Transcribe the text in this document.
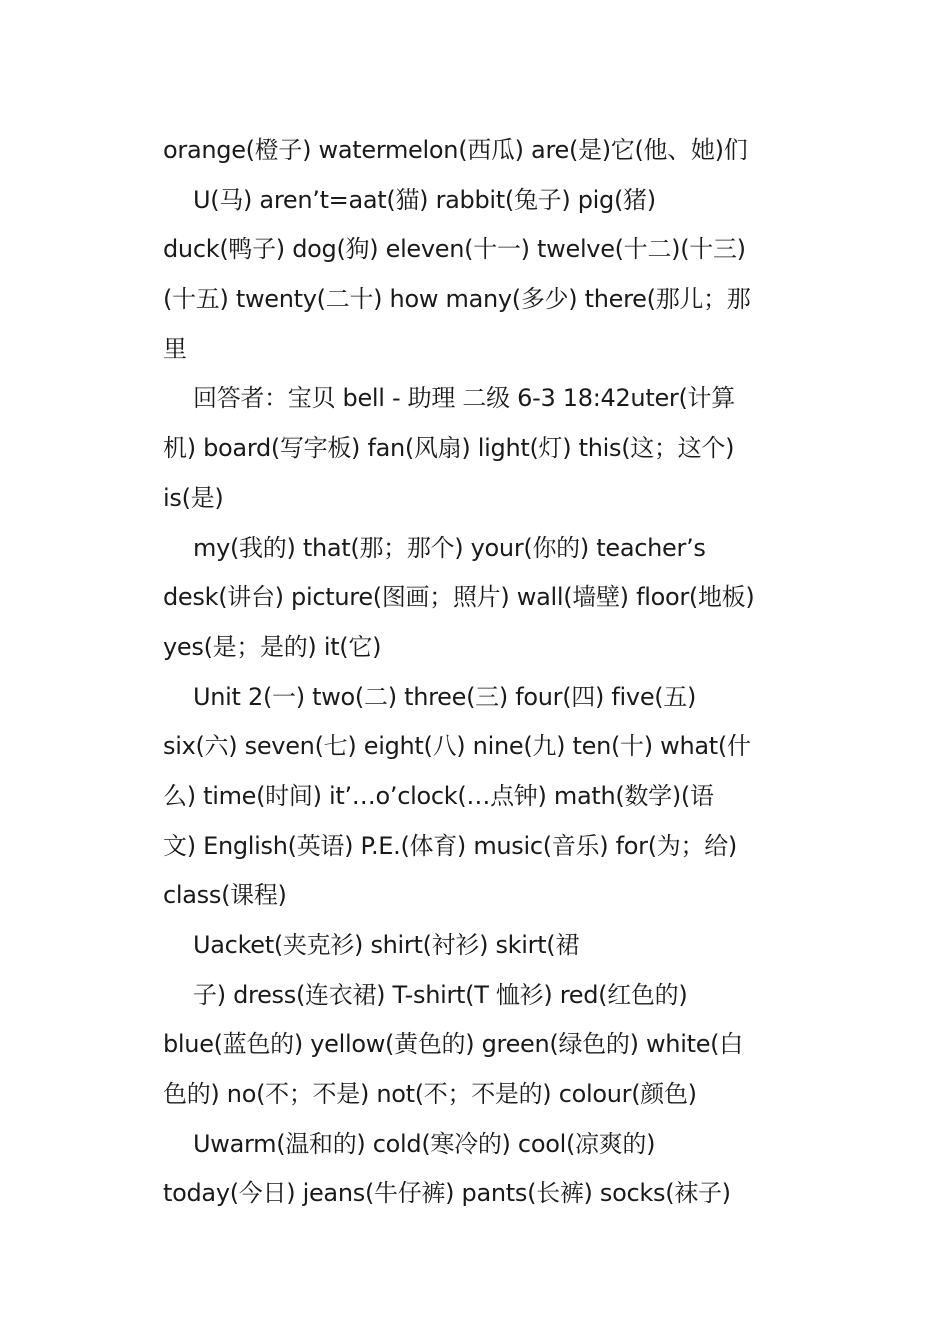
orange(橙子) watermelon(西瓜) are(是)它(他、她)们
U(马) aren’t=aat(猫) rabbit(兔子) pig(猪)
duck(鸭子) dog(狗) eleven(十一) twelve(十二)(十三)
(十五) twenty(二十) how many(多少) there(那儿；那
里
回答者：宝贝 bell - 助理 二级 6-3 18:42uter(计算
机) board(写字板) fan(风扇) light(灯) this(这；这个)
is(是)
my(我的) that(那；那个) your(你的) teacher’s
desk(讲台) picture(图画；照片) wall(墙壁) floor(地板)
yes(是；是的) it(它)
Unit 2(一) two(二) three(三) four(四) five(五)
six(六) seven(七) eight(八) nine(九) ten(十) what(什
么) time(时间) it’…o’clock(…点钟) math(数学)(语
文) English(英语) P.E.(体育) music(音乐) for(为；给)
class(课程)
Uacket(夹克衫) shirt(衬衫) skirt(裙
子) dress(连衣裙) T-shirt(T 恤衫) red(红色的)
blue(蓝色的) yellow(黄色的) green(绿色的) white(白
色的) no(不；不是) not(不；不是的) colour(颜色)
Uwarm(温和的) cold(寒冷的) cool(凉爽的)
today(今日) jeans(牛仔裤) pants(长裤) socks(袜子)
